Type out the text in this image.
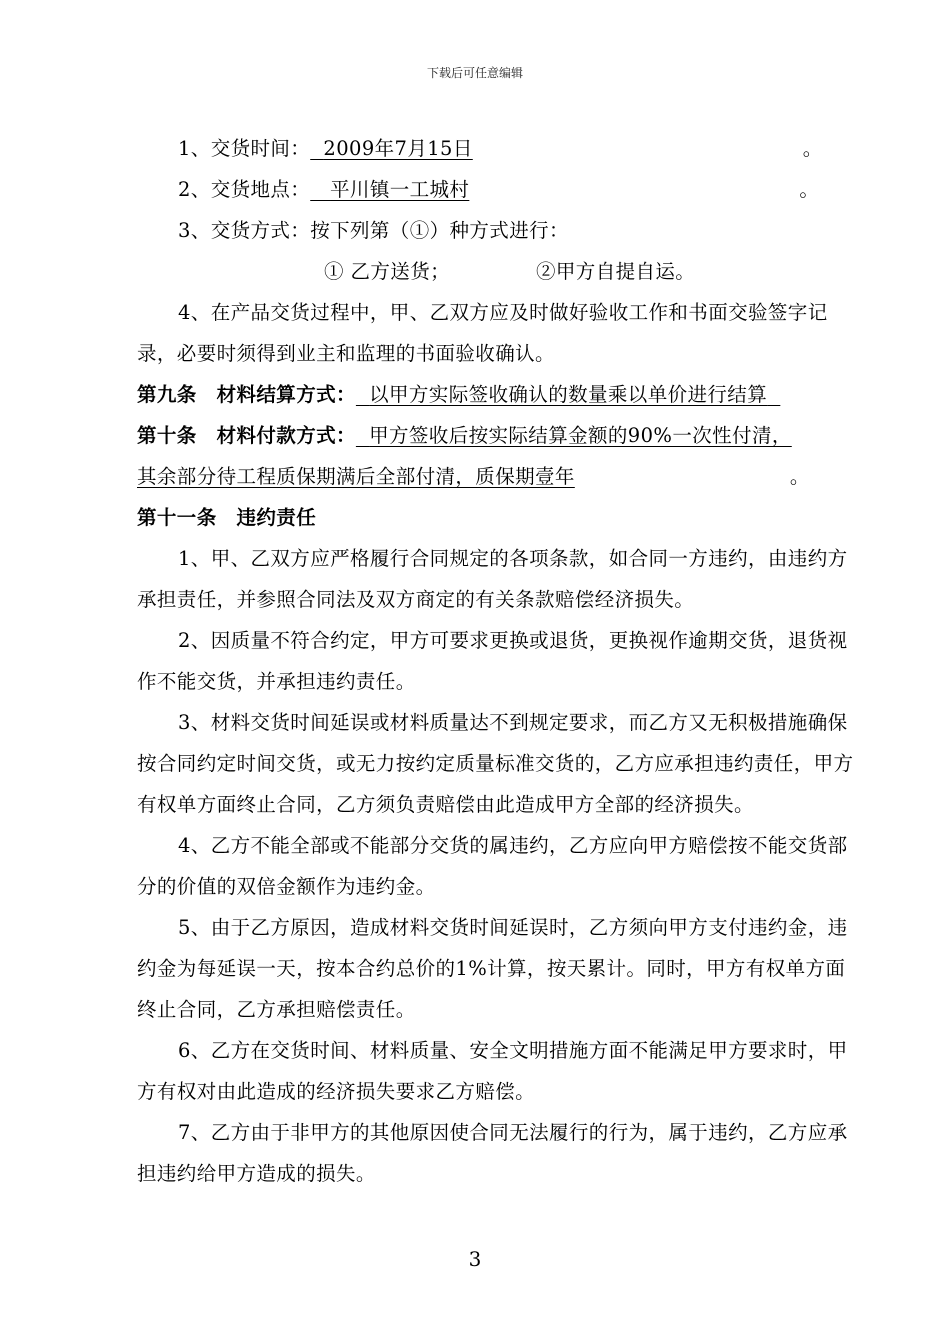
下载后可任意编辑

1、交货时间： 2009年7月15日	。

2、交货地点： 平川镇一工城村	。

3、交货方式：按下列第（①）种方式进行：

① 乙方送货；	②甲方自提自运。

4、在产品交货过程中，甲、乙双方应及时做好验收工作和书面交验签字记录，必要时须得到业主和监理的书面验收确认。

第九条　材料结算方式： 以甲方实际签收确认的数量乘以单价进行结算

第十条　材料付款方式： 甲方签收后按实际结算金额的90%一次性付清，

其余部分待工程质保期满后全部付清，质保期壹年	。

第十一条　违约责任

1、甲、乙双方应严格履行合同规定的各项条款，如合同一方违约，由违约方承担责任，并参照合同法及双方商定的有关条款赔偿经济损失。

2、因质量不符合约定，甲方可要求更换或退货，更换视作逾期交货，退货视作不能交货，并承担违约责任。

3、材料交货时间延误或材料质量达不到规定要求，而乙方又无积极措施确保按合同约定时间交货，或无力按约定质量标准交货的，乙方应承担违约责任，甲方有权单方面终止合同，乙方须负责赔偿由此造成甲方全部的经济损失。

4、乙方不能全部或不能部分交货的属违约，乙方应向甲方赔偿按不能交货部分的价值的双倍金额作为违约金。

5、由于乙方原因，造成材料交货时间延误时，乙方须向甲方支付违约金，违约金为每延误一天，按本合约总价的1%计算，按天累计。同时，甲方有权单方面终止合同，乙方承担赔偿责任。

6、乙方在交货时间、材料质量、安全文明措施方面不能满足甲方要求时，甲方有权对由此造成的经济损失要求乙方赔偿。

7、乙方由于非甲方的其他原因使合同无法履行的行为，属于违约，乙方应承担违约给甲方造成的损失。

3
